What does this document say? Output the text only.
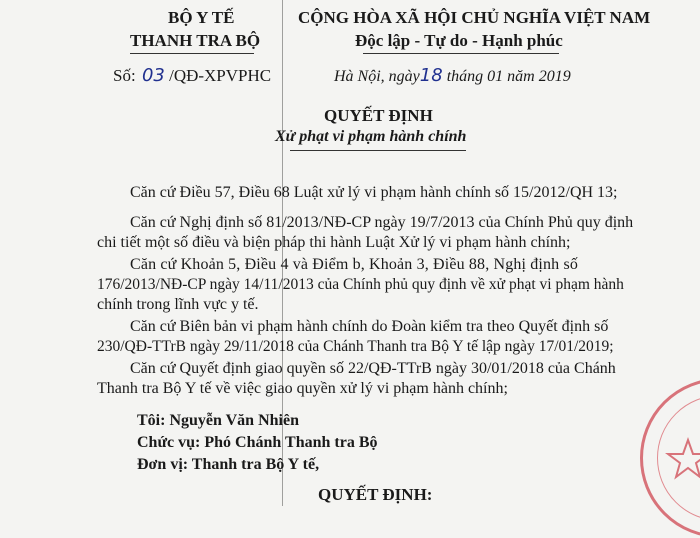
BỘ Y TẾ
THANH TRA BỘ
Số: 03 /QĐ-XPVPHC
CỘNG HÒA XÃ HỘI CHỦ NGHĨA VIỆT NAM
Độc lập - Tự do - Hạnh phúc
Hà Nội, ngày18 tháng 01 năm 2019
QUYẾT ĐỊNH
Xử phạt vi phạm hành chính
Căn cứ Điều 57, Điều 68 Luật xử lý vi phạm hành chính số 15/2012/QH 13;
Căn cứ Nghị định số 81/2013/NĐ-CP ngày 19/7/2013 của Chính Phủ quy định
chi tiết một số điều và biện pháp thi hành Luật Xử lý vi phạm hành chính;
Căn cứ Khoản 5, Điều 4 và Điểm b, Khoản 3, Điều 88, Nghị định số
176/2013/NĐ-CP ngày 14/11/2013 của Chính phủ quy định về xử phạt vi phạm hành
chính trong lĩnh vực y tế.
Căn cứ Biên bản vi phạm hành chính do Đoàn kiểm tra theo Quyết định số
230/QĐ-TTrB ngày 29/11/2018 của Chánh Thanh tra Bộ Y tế lập ngày 17/01/2019;
Căn cứ Quyết định giao quyền số 22/QĐ-TTrB ngày 30/01/2018 của Chánh
Thanh tra Bộ Y tế về việc giao quyền xử lý vi phạm hành chính;
Tôi: Nguyễn Văn Nhiên
Chức vụ: Phó Chánh Thanh tra Bộ
Đơn vị: Thanh tra Bộ Y tế,
QUYẾT ĐỊNH:
